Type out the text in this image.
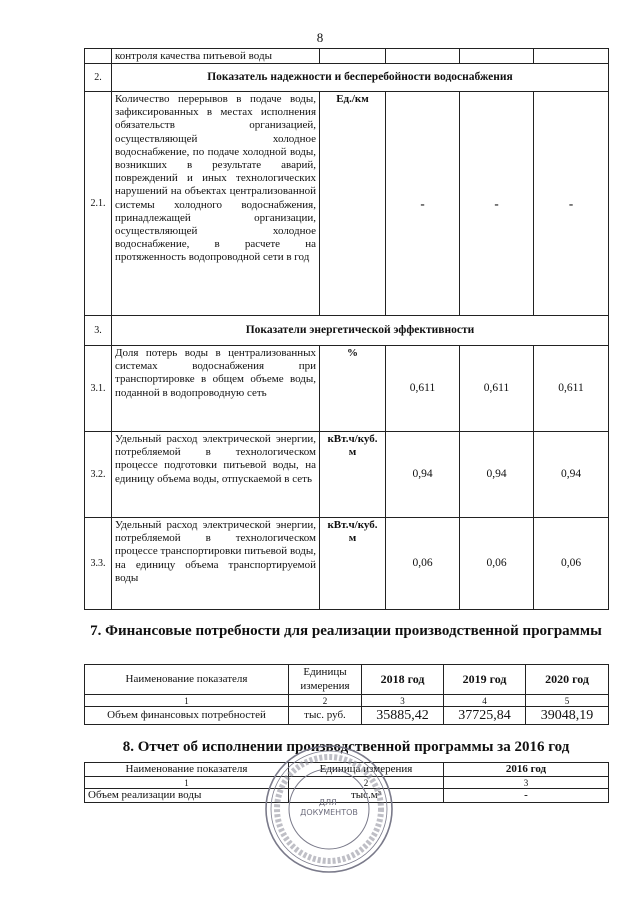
8
	контроля качества питьевой воды				
2.	Показатель надежности и бесперебойности водоснабжения				
2.1.	Количество перерывов в подаче воды, зафиксированных в местах исполнения обязательств организацией, осуществляющей холодное водоснабжение, по подаче холодной воды, возникших в результате аварий, повреждений и иных технологических нарушений на объектах централизованной системы холодного водоснабжения, принадлежащей организации, осуществляющей холодное водоснабжение, в расчете на протяженность водопроводной сети в год	Ед./км	-	-	-
3.	Показатели энергетической эффективности				
3.1.	Доля потерь воды в централизованных системах водоснабжения при транспортировке в общем объеме воды, поданной в водопроводную сеть	%	0,611	0,611	0,611
3.2.	Удельный расход электрической энергии, потребляемой в технологическом процессе подготовки питьевой воды, на единицу объема воды, отпускаемой в сеть	кВт.ч/куб. м	0,94	0,94	0,94
3.3.	Удельный расход электрической энергии, потребляемой в технологическом процессе транспортировки питьевой воды, на единицу объема транспортируемой воды	кВт.ч/куб. м	0,06	0,06	0,06
7. Финансовые потребности для реализации производственной программы
Наименование показателя	Единицы измерения	2018 год	2019 год	2020 год
1	2	3	4	5
Объем финансовых потребностей	тыс. руб.	35885,42	37725,84	39048,19
8. Отчет об исполнении производственной программы за 2016 год
Наименование показателя	Единица измерения	2016 год
1	2	3
Объем реализации воды	тыс.м³	-
ДЛЯ ДОКУМЕНТОВ
